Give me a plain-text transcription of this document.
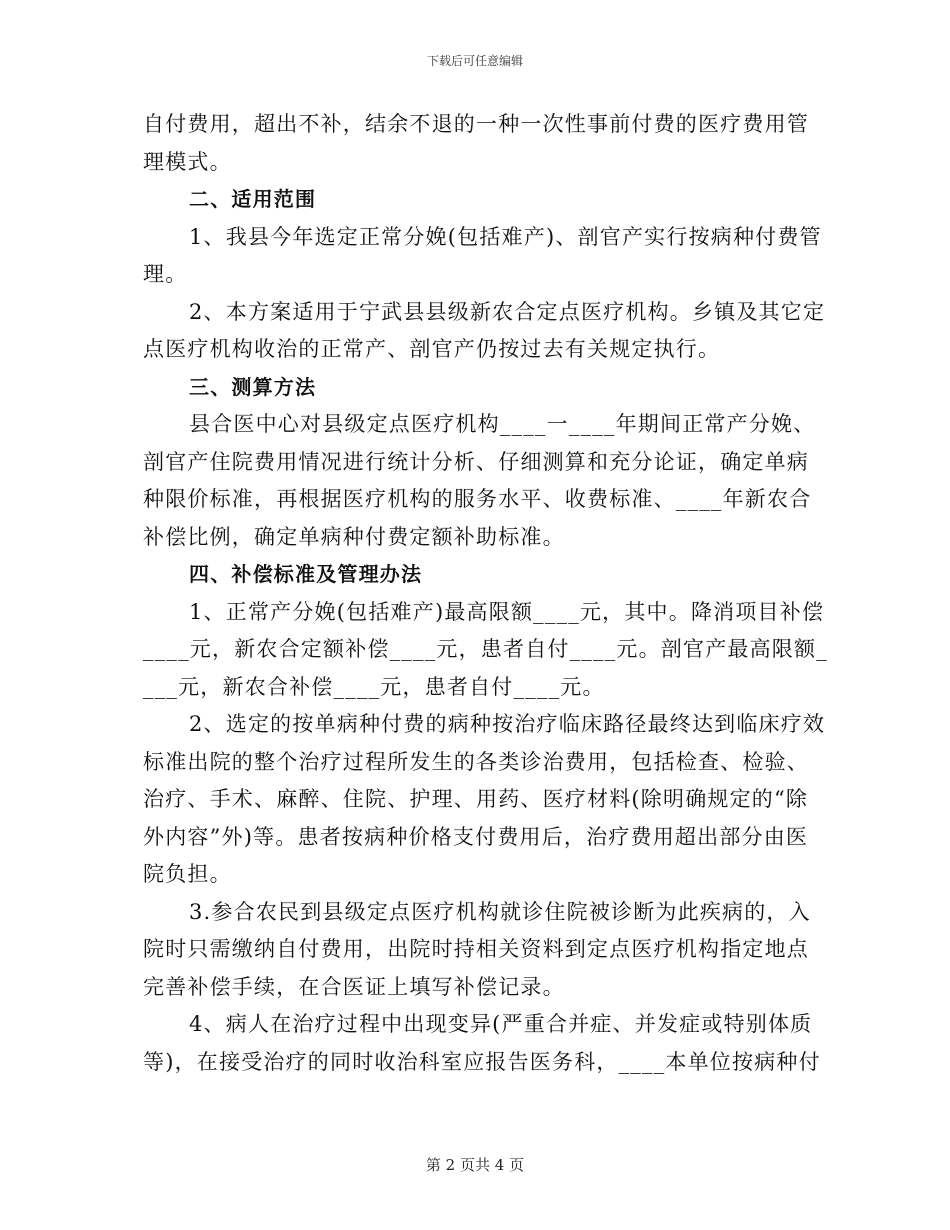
下载后可任意编辑
自付费用，超出不补，结余不退的一种一次性事前付费的医疗费用管
理模式。
二、适用范围
1、我县今年选定正常分娩(包括难产)、剖官产实行按病种付费管
理。
2、本方案适用于宁武县县级新农合定点医疗机构。乡镇及其它定
点医疗机构收治的正常产、剖官产仍按过去有关规定执行。
三、测算方法
县合医中心对县级定点医疗机构____一____年期间正常产分娩、
剖官产住院费用情况进行统计分析、仔细测算和充分论证，确定单病
种限价标准，再根据医疗机构的服务水平、收费标准、____年新农合
补偿比例，确定单病种付费定额补助标准。
四、补偿标准及管理办法
1、正常产分娩(包括难产)最高限额____元，其中。降消项目补偿
____元，新农合定额补偿____元，患者自付____元。剖官产最高限额_
___元，新农合补偿____元，患者自付____元。
2、选定的按单病种付费的病种按治疗临床路径最终达到临床疗效
标准出院的整个治疗过程所发生的各类诊治费用，包括检查、检验、
治疗、手术、麻醉、住院、护理、用药、医疗材料(除明确规定的“除
外内容”外)等。患者按病种价格支付费用后，治疗费用超出部分由医
院负担。
3.参合农民到县级定点医疗机构就诊住院被诊断为此疾病的，入
院时只需缴纳自付费用，出院时持相关资料到定点医疗机构指定地点
完善补偿手续，在合医证上填写补偿记录。
4、病人在治疗过程中出现变异(严重合并症、并发症或特别体质
等)，在接受治疗的同时收治科室应报告医务科，____本单位按病种付
第 2 页共 4 页
